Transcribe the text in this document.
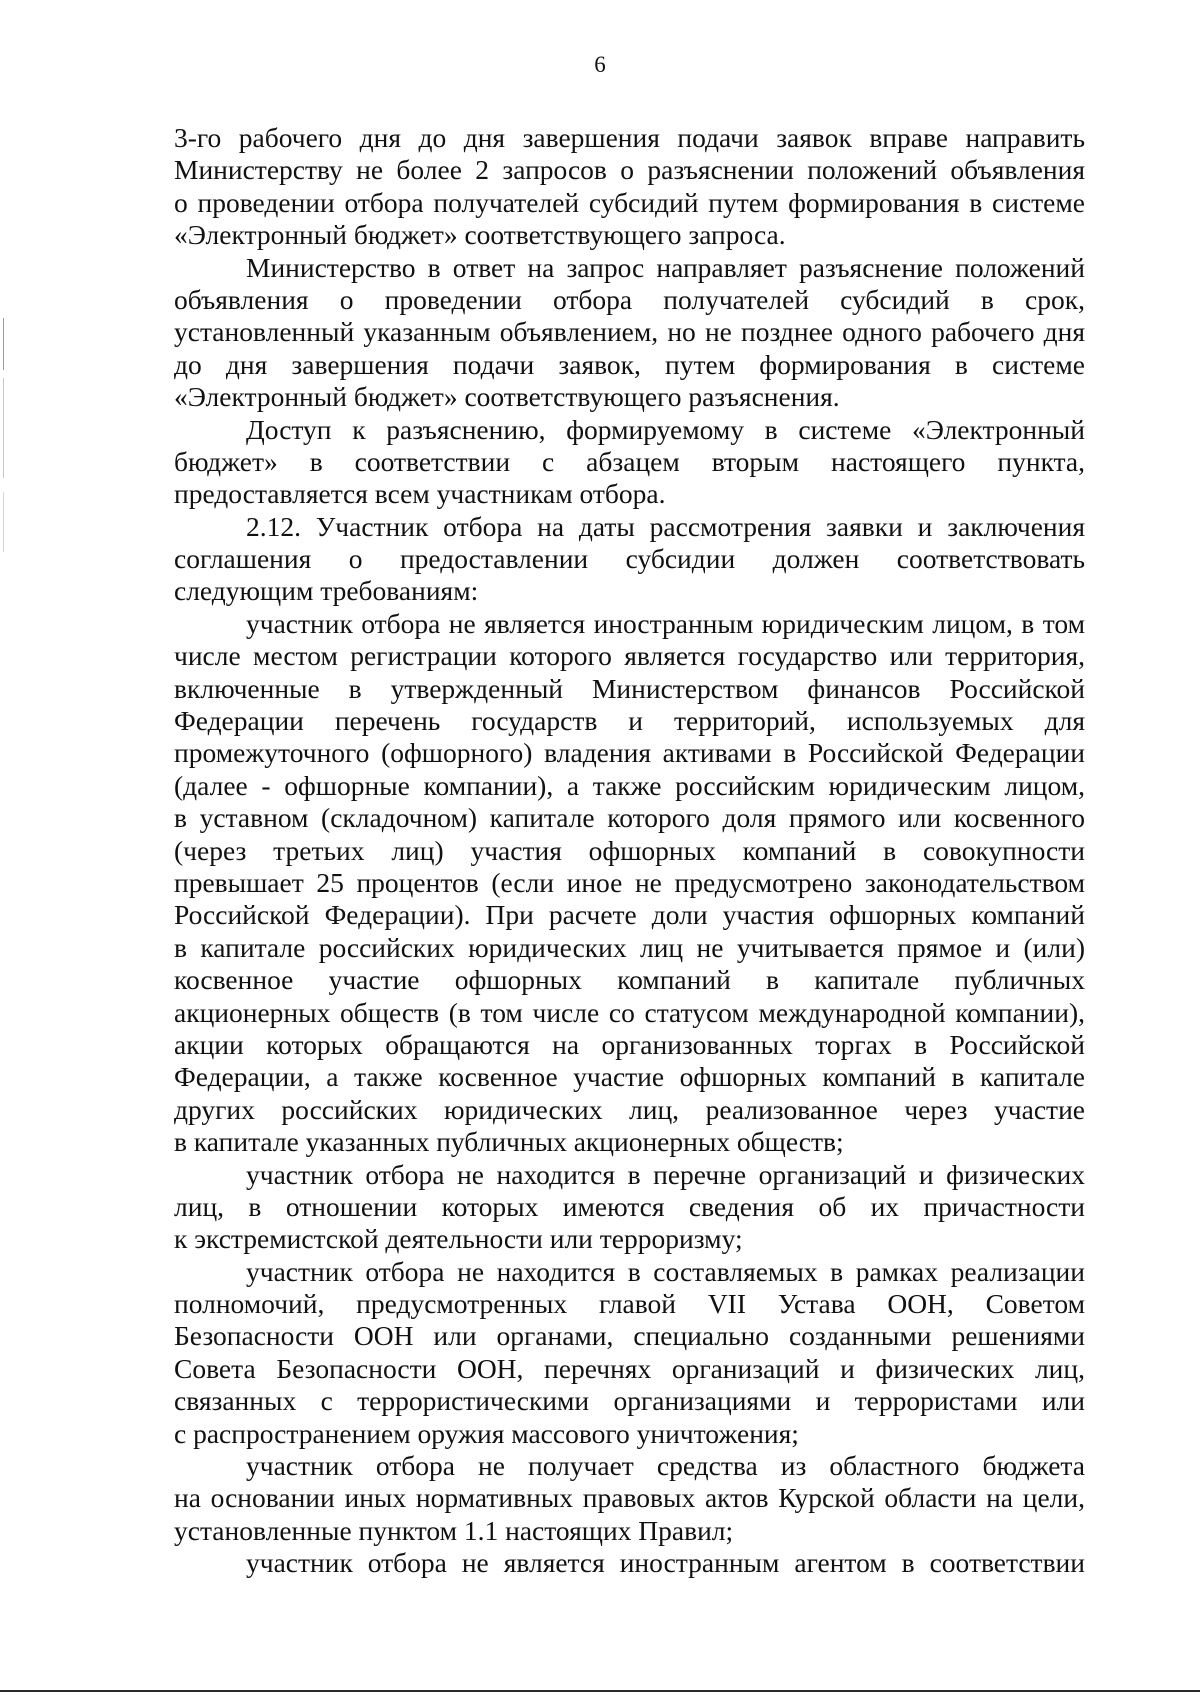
6
3-го рабочего дня до дня завершения подачи заявок вправе направить
Министерству не более 2 запросов о разъяснении положений объявления
о проведении отбора получателей субсидий путем формирования в системе
«Электронный бюджет» соответствующего запроса.
Министерство в ответ на запрос направляет разъяснение положений
объявления о проведении отбора получателей субсидий в срок,
установленный указанным объявлением, но не позднее одного рабочего дня
до дня завершения подачи заявок, путем формирования в системе
«Электронный бюджет» соответствующего разъяснения.
Доступ к разъяснению, формируемому в системе «Электронный
бюджет» в соответствии с абзацем вторым настоящего пункта,
предоставляется всем участникам отбора.
2.12. Участник отбора на даты рассмотрения заявки и заключения
соглашения о предоставлении субсидии должен соответствовать
следующим требованиям:
участник отбора не является иностранным юридическим лицом, в том
числе местом регистрации которого является государство или территория,
включенные в утвержденный Министерством финансов Российской
Федерации перечень государств и территорий, используемых для
промежуточного (офшорного) владения активами в Российской Федерации
(далее - офшорные компании), а также российским юридическим лицом,
в уставном (складочном) капитале которого доля прямого или косвенного
(через третьих лиц) участия офшорных компаний в совокупности
превышает 25 процентов (если иное не предусмотрено законодательством
Российской Федерации). При расчете доли участия офшорных компаний
в капитале российских юридических лиц не учитывается прямое и (или)
косвенное участие офшорных компаний в капитале публичных
акционерных обществ (в том числе со статусом международной компании),
акции которых обращаются на организованных торгах в Российской
Федерации, а также косвенное участие офшорных компаний в капитале
других российских юридических лиц, реализованное через участие
в капитале указанных публичных акционерных обществ;
участник отбора не находится в перечне организаций и физических
лиц, в отношении которых имеются сведения об их причастности
к экстремистской деятельности или терроризму;
участник отбора не находится в составляемых в рамках реализации
полномочий, предусмотренных главой VII Устава ООН, Советом
Безопасности ООН или органами, специально созданными решениями
Совета Безопасности ООН, перечнях организаций и физических лиц,
связанных с террористическими организациями и террористами или
с распространением оружия массового уничтожения;
участник отбора не получает средства из областного бюджета
на основании иных нормативных правовых актов Курской области на цели,
установленные пунктом 1.1 настоящих Правил;
участник отбора не является иностранным агентом в соответствии
